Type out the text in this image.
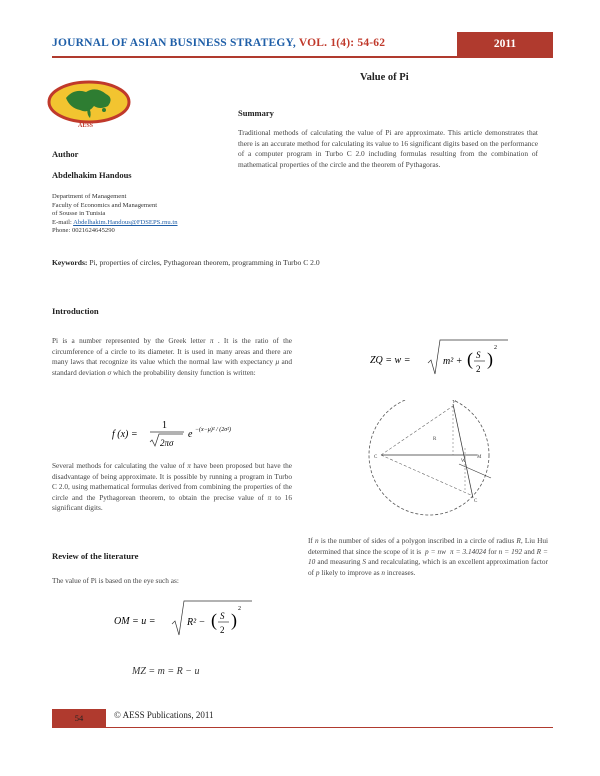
JOURNAL OF ASIAN BUSINESS STRATEGY, VOL. 1(4): 54-62	2011
Value of Pi
AESS
Author
Abdelhakim Handous
Department of Management
Faculty of Economics and Management
of Sousse in Tunisia
E-mail: Abdelhakim.Handous@FDSEPS.rnu.tn
Phone: 0021624645290
Summary
Traditional methods of calculating the value of Pi are approximate. This article demonstrates that there is an accurate method for calculating its value to 16 significant digits based on the performance of a computer program in Turbo C 2.0 including formulas resulting from the combination of mathematical properties of the circle and the theorem of Pythagoras.
Keywords: Pi, properties of circles, Pythagorean theorem, programming in Turbo C 2.0
Introduction
Pi is a number represented by the Greek letter π . It is the ratio of the circumference of a circle to its diameter. It is used in many areas and there are many laws that recognize its value which the normal law with expectancy μ and standard deviation σ which the probability density function is written:
f (x) =
1
2πσ
e −(x−μ)² / (2σ²)
Several methods for calculating the value of π have been proposed but have the disadvantage of being approximate. It is possible by running a program in Turbo C 2.0, using mathematical formulas derived from combining the properties of the circle and the Pythagorean theorem, to obtain the precise value of π to 16 significant digits.
Review of the literature
The value of Pi is based on the eye such as:
OM = u =	R² − ( S
2 )
2
MZ = m = R − u
ZQ = w =	m² + ( S
2 )
2
C
P
C
M
R
W
If n is the number of sides of a polygon inscribed in a circle of radius R, Liu Hui determined that since the scope of it is p = nw π = 3.14024 for n = 192 and R = 10 and measuring S and recalculating, which is an excellent approximation factor of p likely to improve as n increases.
54	© AESS Publications, 2011
